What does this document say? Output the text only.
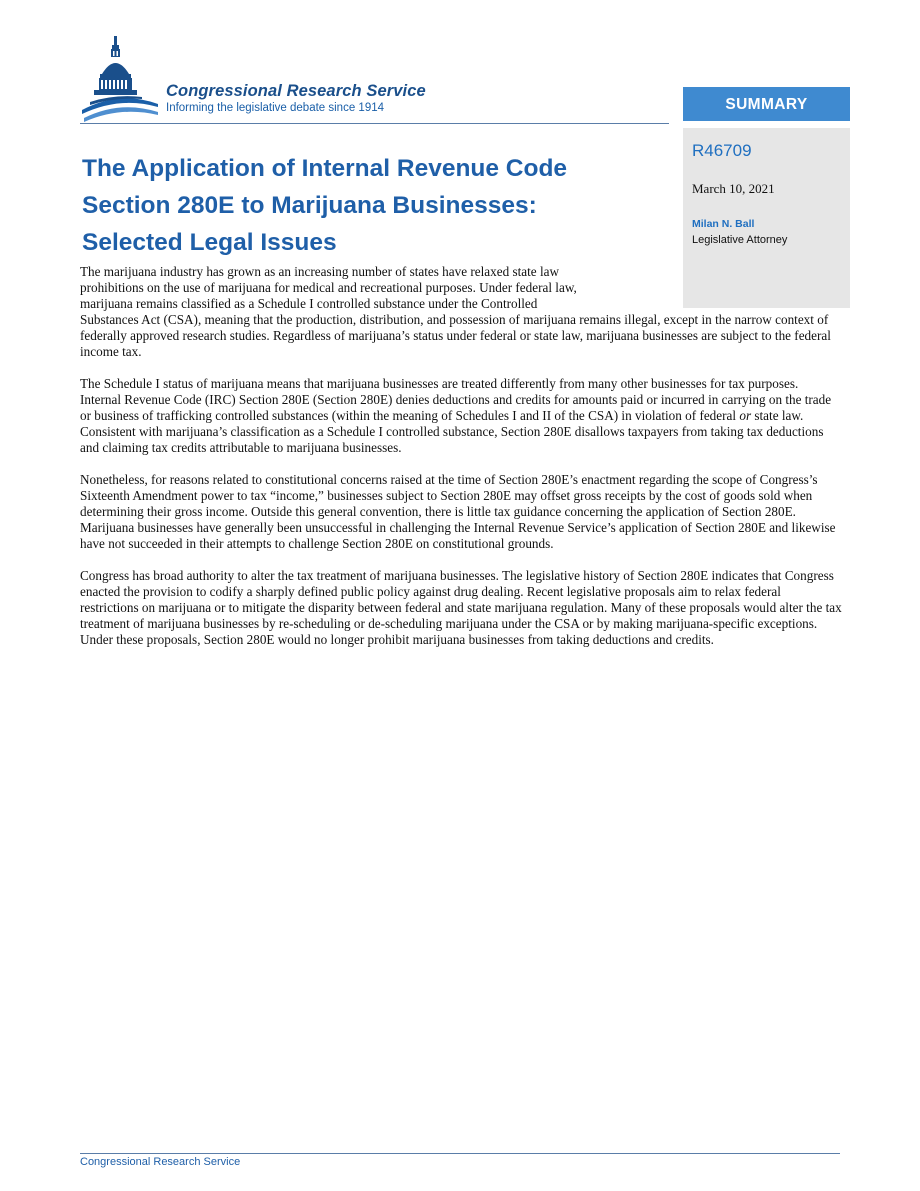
Congressional Research Service
Informing the legislative debate since 1914	SUMMARY
R46709
March 10, 2021
Milan N. Ball
Legislative Attorney
The Application of Internal Revenue Code
Section 280E to Marijuana Businesses:
Selected Legal Issues

The marijuana industry has grown as an increasing number of states have relaxed state law
prohibitions on the use of marijuana for medical and recreational purposes. Under federal law,
marijuana remains classified as a Schedule I controlled substance under the Controlled
Substances Act (CSA), meaning that the production, distribution, and possession of marijuana remains illegal, except in the narrow context of federally approved research studies. Regardless of marijuana’s status under federal or state law, marijuana businesses are subject to the federal income tax.

The Schedule I status of marijuana means that marijuana businesses are treated differently from many other businesses for tax purposes. Internal Revenue Code (IRC) Section 280E (Section 280E) denies deductions and credits for amounts paid or incurred in carrying on the trade or business of trafficking controlled substances (within the meaning of Schedules I and II of the CSA) in violation of federal or state law. Consistent with marijuana’s classification as a Schedule I controlled substance, Section 280E disallows taxpayers from taking tax deductions and claiming tax credits attributable to marijuana businesses.

Nonetheless, for reasons related to constitutional concerns raised at the time of Section 280E’s enactment regarding the scope of Congress’s Sixteenth Amendment power to tax “income,” businesses subject to Section 280E may offset gross receipts by the cost of goods sold when determining their gross income. Outside this general convention, there is little tax guidance concerning the application of Section 280E. Marijuana businesses have generally been unsuccessful in challenging the Internal Revenue Service’s application of Section 280E and likewise have not succeeded in their attempts to challenge Section 280E on constitutional grounds.

Congress has broad authority to alter the tax treatment of marijuana businesses. The legislative history of Section 280E indicates that Congress enacted the provision to codify a sharply defined public policy against drug dealing. Recent legislative proposals aim to relax federal restrictions on marijuana or to mitigate the disparity between federal and state marijuana regulation. Many of these proposals would alter the tax treatment of marijuana businesses by re-scheduling or de-scheduling marijuana under the CSA or by making marijuana-specific exceptions. Under these proposals, Section 280E would no longer prohibit marijuana businesses from taking deductions and credits.

Congressional Research Service
